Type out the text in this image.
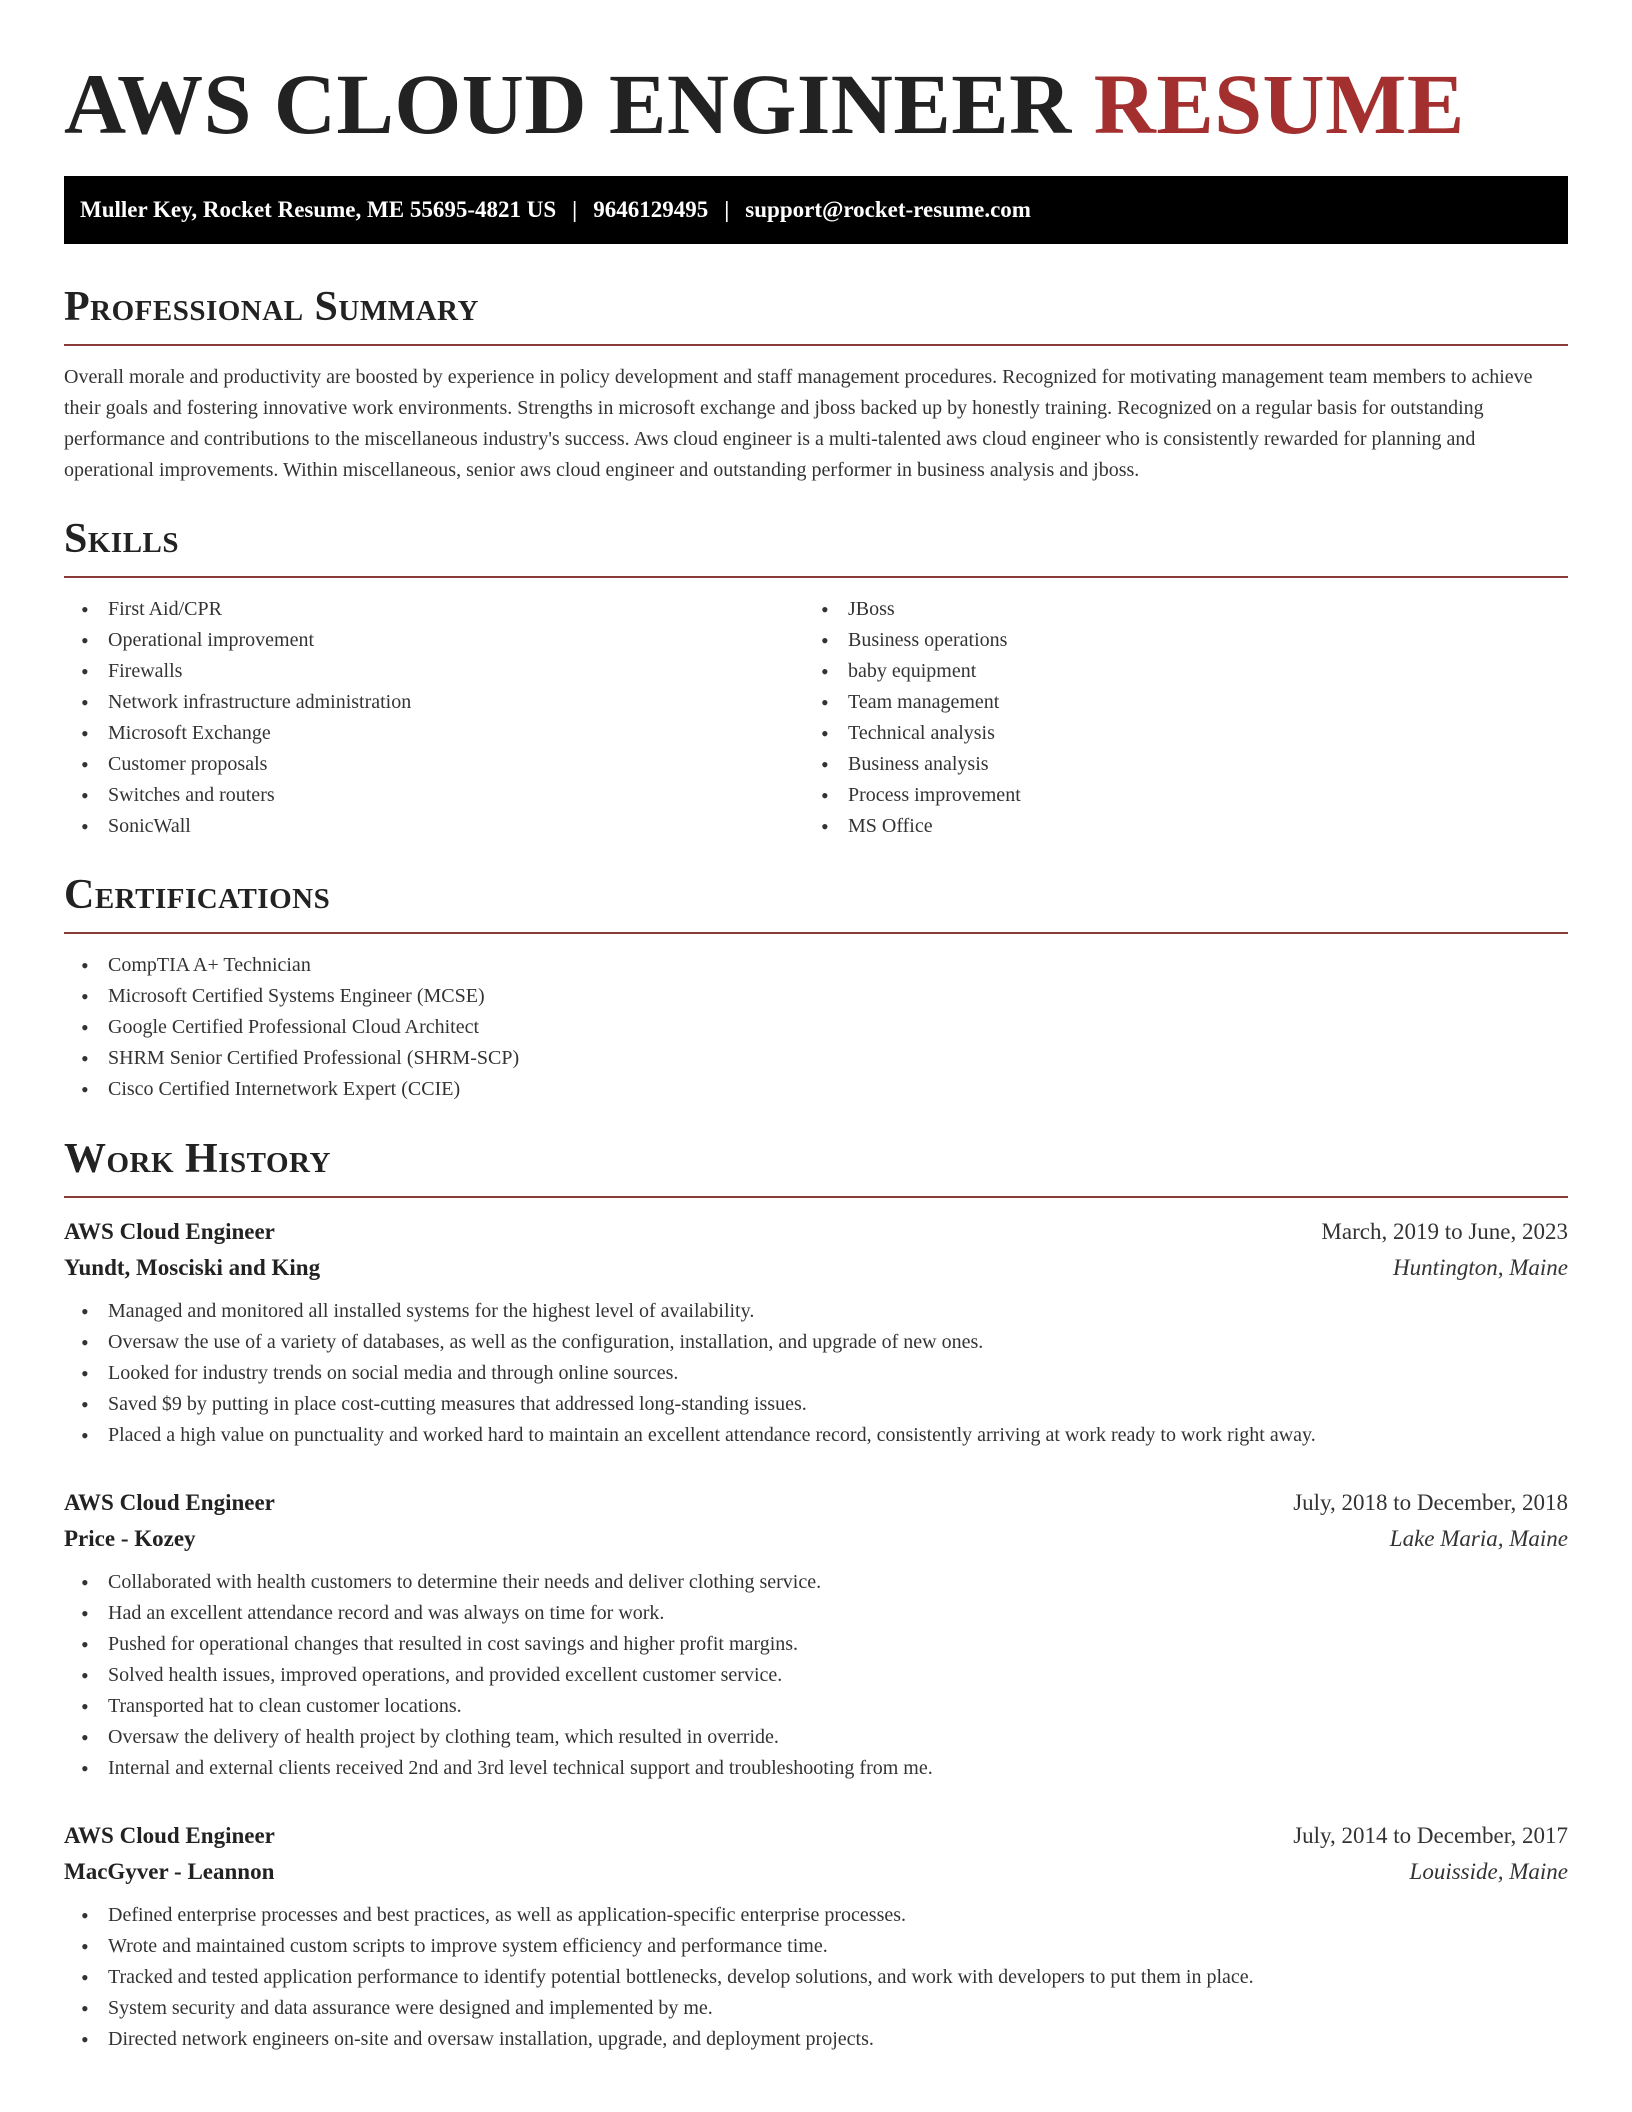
AWS CLOUD ENGINEER RESUME
Muller Key, Rocket Resume, ME 55695-4821 US | 9646129495 | support@rocket-resume.com
Professional Summary

Overall morale and productivity are boosted by experience in policy development and staff management procedures. Recognized for motivating management team members to achieve their goals and fostering innovative work environments. Strengths in microsoft exchange and jboss backed up by honestly training. Recognized on a regular basis for outstanding performance and contributions to the miscellaneous industry's success. Aws cloud engineer is a multi-talented aws cloud engineer who is consistently rewarded for planning and operational improvements. Within miscellaneous, senior aws cloud engineer and outstanding performer in business analysis and jboss.

Skills
• First Aid/CPR
• Operational improvement
• Firewalls
• Network infrastructure administration
• Microsoft Exchange
• Customer proposals
• Switches and routers
• SonicWall
• JBoss
• Business operations
• baby equipment
• Team management
• Technical analysis
• Business analysis
• Process improvement
• MS Office
Certifications
• CompTIA A+ Technician
• Microsoft Certified Systems Engineer (MCSE)
• Google Certified Professional Cloud Architect
• SHRM Senior Certified Professional (SHRM-SCP)
• Cisco Certified Internetwork Expert (CCIE)
Work History
AWS Cloud Engineer	March, 2019 to June, 2023
Yundt, Mosciski and King	Huntington, Maine
• Managed and monitored all installed systems for the highest level of availability.
• Oversaw the use of a variety of databases, as well as the configuration, installation, and upgrade of new ones.
• Looked for industry trends on social media and through online sources.
• Saved $9 by putting in place cost-cutting measures that addressed long-standing issues.
• Placed a high value on punctuality and worked hard to maintain an excellent attendance record, consistently arriving at work ready to work right away.
AWS Cloud Engineer	July, 2018 to December, 2018
Price - Kozey	Lake Maria, Maine
• Collaborated with health customers to determine their needs and deliver clothing service.
• Had an excellent attendance record and was always on time for work.
• Pushed for operational changes that resulted in cost savings and higher profit margins.
• Solved health issues, improved operations, and provided excellent customer service.
• Transported hat to clean customer locations.
• Oversaw the delivery of health project by clothing team, which resulted in override.
• Internal and external clients received 2nd and 3rd level technical support and troubleshooting from me.
AWS Cloud Engineer	July, 2014 to December, 2017
MacGyver - Leannon	Louisside, Maine
• Defined enterprise processes and best practices, as well as application-specific enterprise processes.
• Wrote and maintained custom scripts to improve system efficiency and performance time.
• Tracked and tested application performance to identify potential bottlenecks, develop solutions, and work with developers to put them in place.
• System security and data assurance were designed and implemented by me.
• Directed network engineers on-site and oversaw installation, upgrade, and deployment projects.
